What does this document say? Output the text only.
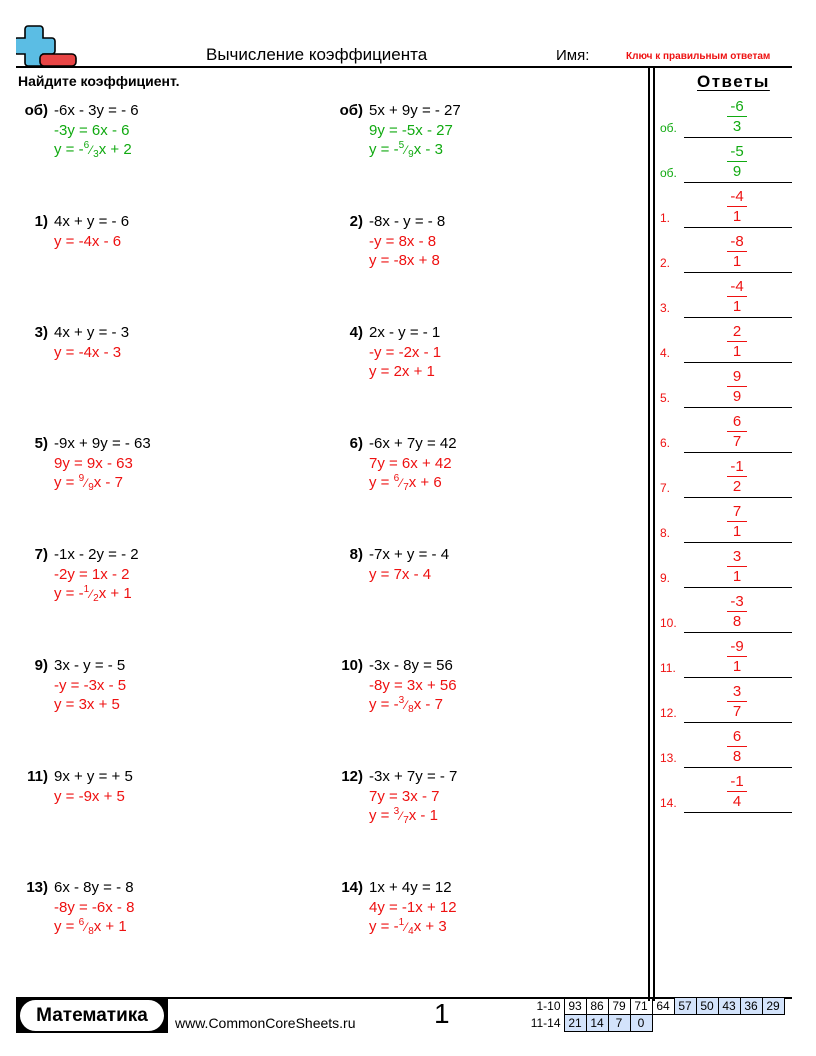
Вычисление коэффициента	Имя:	Ключ к правильным ответам
Найдите коэффициент.
об) -6x - 3y = - 6
-3y = 6x - 6
$y = -^6⁄_3x + 2$
об) 5x + 9y = - 27
9y = -5x - 27
$y = -^5⁄_9x - 3$
1) 4x + y = - 6
y = -4x - 6
2) -8x - y = - 8
-y = 8x - 8
y = -8x + 8
3) 4x + y = - 3
y = -4x - 3
4) 2x - y = - 1
-y = -2x - 1
y = 2x + 1
5) -9x + 9y = - 63
9y = 9x - 63
$y = ^9⁄_9x - 7$
6) -6x + 7y = 42
7y = 6x + 42
$y = ^6⁄_7x + 6$
7) -1x - 2y = - 2
-2y = 1x - 2
$y = -^1⁄_2x + 1$
8) -7x + y = - 4
y = 7x - 4
9) 3x - y = - 5
-y = -3x - 5
y = 3x + 5
10) -3x - 8y = 56
-8y = 3x + 56
$y = -^3⁄_8x - 7$
11) 9x + y = + 5
y = -9x + 5
12) -3x + 7y = - 7
7y = 3x - 7
$y = ^3⁄_7x - 1$
13) 6x - 8y = - 8
-8y = -6x - 8
$y = ^6⁄_8x + 1$
14) 1x + 4y = 12
4y = -1x + 12
$y = -^1⁄_4x + 3$
Ответы
об.
-6
3
об.
-5
9
1.
-4
1
2.
-8
1
3.
-4
1
4.
2
1
5.
9
9
6.
6
7
7.
-1
2
8.
7
1
9.
3
1
10.
-3
8
11.
-9
1
12.
3
7
13.
6
8
14.
-1
4
Математика	www.CommonCoreSheets.ru	1	1-10	93	86	79	71	64	57	50	43	36	29
11-14	21	14	7	0						
